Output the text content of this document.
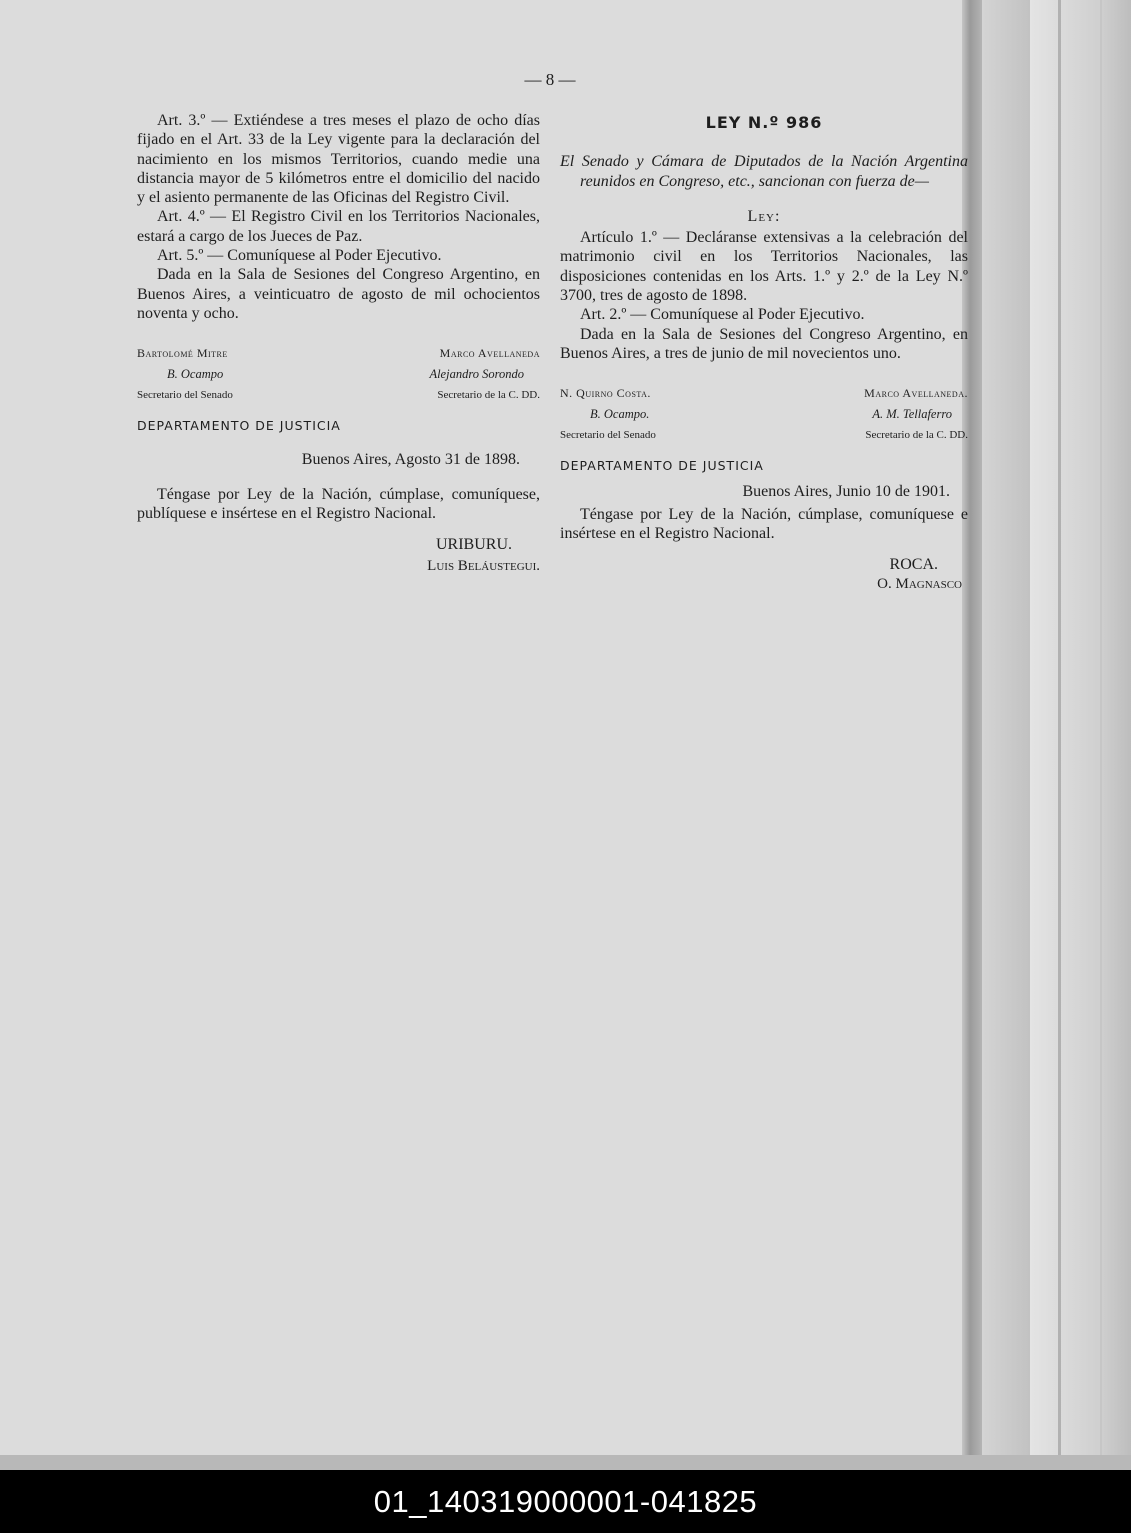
— 8 —

Art. 3.º — Extiéndese a tres meses el plazo de ocho días fijado en el Art. 33 de la Ley vigente para la declaración del nacimiento en los mismos Territorios, cuando medie una distancia mayor de 5 kilómetros entre el domicilio del nacido y el asiento permanente de las Oficinas del Registro Civil.

Art. 4.º — El Registro Civil en los Territorios Nacionales, estará a cargo de los Jueces de Paz.

Art. 5.º — Comuníquese al Poder Ejecutivo.

Dada en la Sala de Sesiones del Congreso Argentino, en Buenos Aires, a veinticuatro de agosto de mil ochocientos noventa y ocho.

Bartolomé Mitre
B. Ocampo
Secretario del Senado
Marco Avellaneda
Alejandro Sorondo
Secretario de la C. DD.

DEPARTAMENTO DE JUSTICIA

Buenos Aires, Agosto 31 de 1898.

Téngase por Ley de la Nación, cúmplase, comuníquese, publíquese e insértese en el Registro Nacional.

URIBURU.

Luis Beláustegui.

LEY N.º 986

El Senado y Cámara de Diputados de la Nación Argentina reunidos en Congreso, etc., sancionan con fuerza de—

Ley:

Artículo 1.º — Decláranse extensivas a la celebración del matrimonio civil en los Territorios Nacionales, las disposiciones contenidas en los Arts. 1.º y 2.º de la Ley N.º 3700, tres de agosto de 1898.

Art. 2.º — Comuníquese al Poder Ejecutivo.

Dada en la Sala de Sesiones del Congreso Argentino, en Buenos Aires, a tres de junio de mil novecientos uno.

N. Quirno Costa.
B. Ocampo.
Secretario del Senado
Marco Avellaneda.
A. M. Tellaferro
Secretario de la C. DD.

DEPARTAMENTO DE JUSTICIA

Buenos Aires, Junio 10 de 1901.

Téngase por Ley de la Nación, cúmplase, comuníquese e insértese en el Registro Nacional.

ROCA.

O. Magnasco

01_140319000001-041825
